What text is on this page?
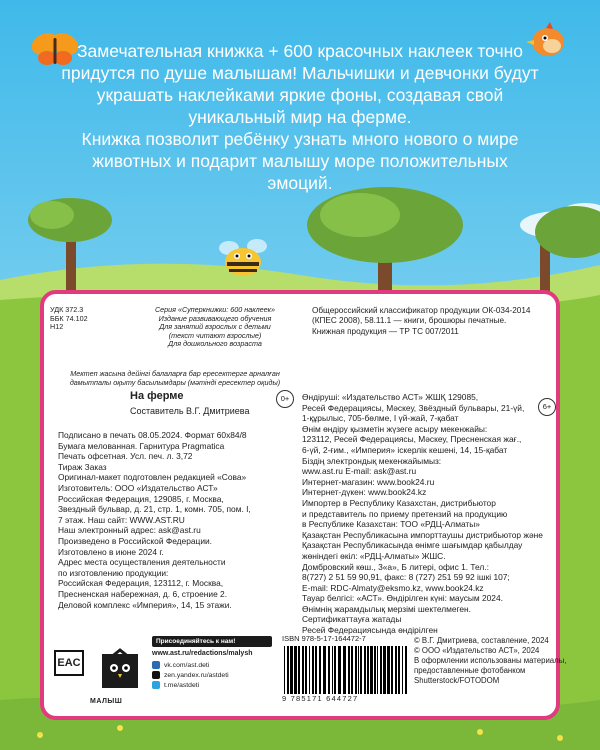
Замечательная книжка + 600 красочных наклеек точно придутся по душе малышам! Мальчишки и девчонки будут украшать наклейками яркие фоны, создавая свой уникальный мир на ферме.

Книжка позволит ребёнку узнать много нового о мире животных и подарит малышу море положительных эмоций.

УДК 372.3
ББК 74.102
Н12
Серия «Суперкнижки: 600 наклеек»
Издание развивающего обучения
Для занятий взрослых с детьми
(текст читают взрослые)
Для дошкольного возраста
Мектеп жасына дейінгі балаларға бар ересектерге арналған дамытпалы оқыту басылымдары (мәтінді ересектер оқиды)
Общероссийский классификатор продукции ОК-034-2014
(КПЕС 2008), 58.11.1 — книги, брошюры печатные.
Книжная продукция — ТР ТС 007/2011
На ферме
Составитель В.Г. Дмитриева
0+
6+
Подписано в печать 08.05.2024. Формат 60x84/8
Бумага мелованная. Гарнитура Pragmatica
Печать офсетная. Усл. печ. л. 3,72
Тираж Заказ
Оригинал-макет подготовлен редакцией «Сова»
Изготовитель: ООО «Издательство АСТ»
Российская Федерация, 129085, г. Москва,
Звездный бульвар, д. 21, стр. 1, комн. 705, пом. I,
7 этаж. Наш сайт: WWW.AST.RU
Наш электронный адрес: ask@ast.ru
Произведено в Российской Федерации.
Изготовлено в июне 2024 г.
Адрес места осуществления деятельности
по изготовлению продукции:
Российская Федерация, 123112, г. Москва,
Пресненская набережная, д. 6, строение 2.
Деловой комплекс «Империя», 14, 15 этажи.
Өндіруші: «Издательство АСТ» ЖШҚ 129085,
Ресей Федерациясы, Мәскеу, Звёздный бульвары, 21-үй,
1-құрылыс, 705-бөлме, І үй-жай, 7-қабат
Өнім өндіру қызметін жүзеге асыру мекенжайы:
123112, Ресей Федерациясы, Мәскеу, Пресненская жағ.,
6-үй, 2-ғим., «Империя» іскерлік кешені, 14, 15-қабат
Біздің электрондық мекенжайымыз:
www.ast.ru E-mail: ask@ast.ru
Интернет-магазин: www.book24.ru
Интернет-дүкен: www.book24.kz
Импортер в Республику Казахстан, дистрибьютор
и представитель по приему претензий на продукцию
в Республике Казахстан: ТОО «РДЦ-Алматы»
Қазақстан Республикасына импорттаушы дистрибьютор және
Қазақстан Республикасында өнімге шағымдар қабылдау
жөніндегі өкіл: «РДЦ-Алматы» ЖШС.
Домбровский көш., 3«а», Б литері, офис 1. Тел.:
8(727) 2 51 59 90,91, факс: 8 (727) 251 59 92 ішкі 107;
E-mail: RDC-Almaty@eksmo.kz, www.book24.kz
Тауар белгісі: «АСТ». Өндірілген күні: маусым 2024.
Өнімнің жарамдылық мерзімі шектелмеген.
Сертификаттауға жатады
Ресей Федерациясында өндірілген
EAC
МАЛЫШ
Присоединяйтесь к нам!
www.ast.ru/redactions/malysh
vk.com/ast.deti
zen.yandex.ru/astdeti
t.me/astdeti
ISBN 978-5-17-164472-7
9 785171 644727
© В.Г. Дмитриева, составление, 2024
© ООО «Издательство АСТ», 2024
В оформлении использованы материалы,
предоставленные фотобанком
Shutterstock/FOTODOM
